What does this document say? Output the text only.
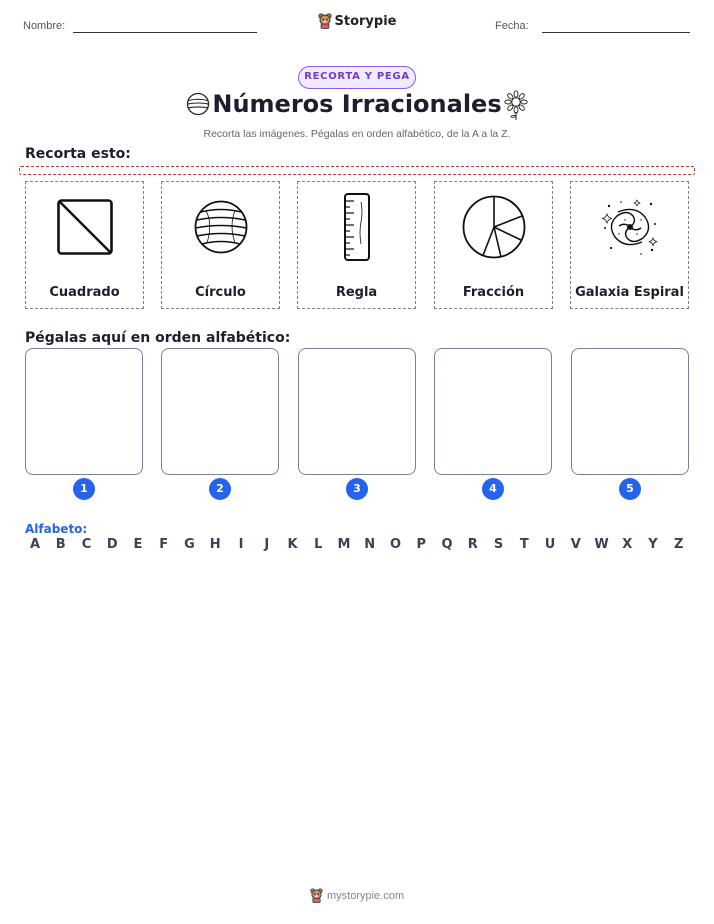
Nombre:	Storypie	Fecha:
RECORTA Y PEGA
Números Irracionales
Recorta las imágenes. Pégalas en orden alfabético, de la A a la Z.
Recorta esto:
Cuadrado	Círculo	Regla	Fracción	Galaxia Espiral
Pégalas aquí en orden alfabético:
1	2	3	4	5
Alfabeto:
A	B	C	D	E	F	G	H	I	J	K	L	M	N	O	P	Q	R	S	T	U	V	W	X	Y	Z
mystorypie.com
